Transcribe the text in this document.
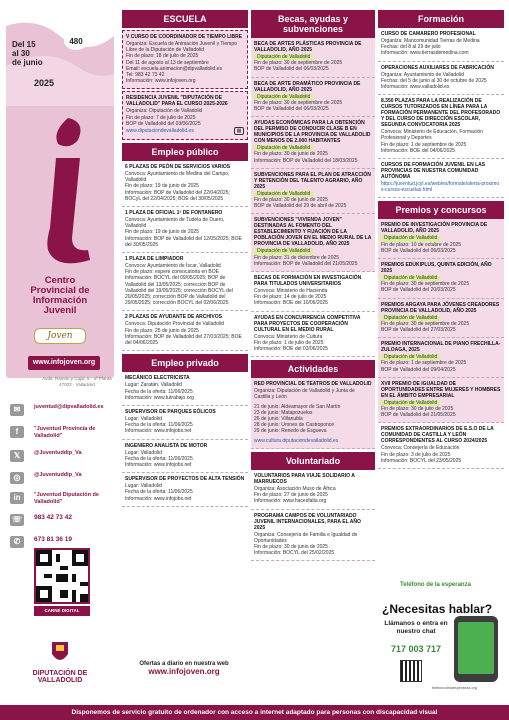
480
Del 15
al 30
de junio
2025
Centro
Provincial de
Información
Juvenil
Joven
www.infojoven.org
Avda. Ramón y Cajal, 5 · 3ª Planta 47003 · Valladolid
✉	juventud@dipvalladolid.es
f	"Juventud Provincia de Valladolid"
𝕏	@Juventuddip_Va
◎	@Juventuddip_Va
in	"Juventud Diputación de Valladolid"
☏	983 42 73 42
✆	673 81 36 19
CARNÉ DIGITAL
DIPUTACIÓN DE VALLADOLID
ESCUELA
V CURSO DE COORDINADOR DE TIEMPO LIBRE

Organiza: Escuela de Animación Juvenil y Tiempo Libre de la Diputación de Valladolid

Fin de plazo: 18 de julio de 2025

Del 11 de agosto al 13 de septiembre

Email: escuela.animacion@dipvalladolid.es

Tel: 983 42 73 42

Información: www.infojoven.org

RESIDENCIA JUVENIL "DIPUTACIÓN DE VALLADOLID" PARA EL CURSO 2025-2026

Organiza: Diputación de Valladolid

Fin de plazo: 7 de julio de 2025

BOP de Valladolid del 03/06/2025

www.diputaciondevalladolid.es	▦
Empleo público
6 PLAZAS DE PEÓN DE SERVICIOS VARIOS

Convoca: Ayuntamiento de Medina del Campo, Valladolid

Fin de plazo: 19 de junio de 2025

Información: BOP de Valladolid del 22/04/2025; BOCyL del 22/04/2025; BOE del 30/05/2025

1 PLAZA DE OFICIAL 1ª DE FONTANERO

Convoca: Ayuntamiento de Tudela de Duero, Valladolid

Fin de plazo: 19 de junio de 2025

Información: BOP de Valladolid del 12/05/2025; BOE del 30/05/2025

1 PLAZA DE LIMPIADOR

Convoca: Ayuntamiento de Íscar, Valladolid

Fin de plazo: espere convocatoria en BOE

Información: BOCYL del 09/05/2025; BOP de Valladolid del 13/05/2025; corrección BOP de Valladolid del 19/05/2025; corrección BOCYL del 20/05/2025; corrección BOP de Valladolid del 29/05/2025; corrección BOCYL del 02/06/2025

2 PLAZAS DE AYUDANTE DE ARCHIVOS

Convoca: Diputación Provincial de Valladolid

Fin de plazo: 25 de junio de 2025

Información: BOP de Valladolid del 27/03/2025; BOE del 04/06/2025

Empleo privado
MECÁNICO ELECTRICISTA

Lugar: Zaratán, Valladolid

Fecha de la oferta: 11/06/2025

Información: www.tutrabajo.org

SUPERVISOR DE PARQUES EÓLICOS

Lugar: Valladolid

Fecha de la oferta: 11/06/2025

Información: www.infojobs.net

INGENIERO ANALISTA DE MOTOR

Lugar: Valladolid

Fecha de la oferta: 11/06/2025

Información: www.infojobs.net

SUPERVISOR DE PROYECTOS DE ALTA TENSIÓN

Lugar: Valladolid

Fecha de la oferta: 11/06/2025

Información: www.infojobs.net

Ofertas a diario en nuestra web
www.infojoven.org
Becas, ayudas y subvenciones
BECA DE ARTES PLÁSTICAS PROVINCIA DE VALLADOLID, AÑO 2025

Diputación de Valladolid

Fin de plazo: 30 de septiembre de 2025

BOP de Valladolid del 06/03/2025

BECA DE ARTE DRAMÁTICO PROVINCIA DE VALLADOLID, AÑO 2025

Diputación de Valladolid

Fin de plazo: 30 de septiembre de 2025

BOP de Valladolid del 06/03/2025

AYUDAS ECONÓMICAS PARA LA OBTENCIÓN DEL PERMISO DE CONDUCIR CLASE B EN MUNICIPIOS DE LA PROVINCIA DE VALLADOLID CON MENOS DE 2.000 HABITANTES

Diputación de Valladolid

Fin de plazo: 30 de junio de 2025

Información: BOP de Valladolid del 18/03/2025

SUBVENCIONES PARA EL PLAN DE ATRACCIÓN Y RETENCIÓN DEL TALENTO AGRARIO, AÑO 2025

Diputación de Valladolid

Fin de plazo: 30 de junio de 2025

BOP de Valladolid del 29 de abril de 2025

SUBVENCIONES "VIVIENDA JOVEN" DESTINADAS AL FOMENTO DEL ESTABLECIMIENTO Y FIJACIÓN DE LA POBLACIÓN JOVEN EN EL MEDIO RURAL DE LA PROVINCIA DE VALLADOLID, AÑO 2025

Diputación de Valladolid

Fin de plazo: 31 de diciembre de 2025

Información: BOP de Valladolid del 21/05/2025

BECAS DE FORMACIÓN EN INVESTIGACIÓN PARA TITULADOS UNIVERSITARIOS

Convoca: Ministerio de Hacienda

Fin de plazo: 14 de julio de 2025

Información: BOE del 10/06/2025

AYUDAS EN CONCURRENCIA COMPETITIVA PARA PROYECTOS DE COOPERACIÓN CULTURAL EN EL MEDIO RURAL

Convoca: Ministerio de Cultura

Fin de plazo: 1 de julio de 2025

Información: BOE del 03/06/2025

Actividades
RED PROVINCIAL DE TEATROS DE VALLADOLID

Organiza: Diputación de Valladolid y Junta de Castilla y León

21 de junio: Aldeamayor de San Martín

23 de junio: Matapozuelos

26 de junio: Villanubla

28 de junio: Urones de Castroponce

29 de junio: Renedo de Esgueva

www.cultura.diputaciondevalladolid.es

Voluntariado
VOLUNTARIOS PARA VIAJE SOLIDARIO A MARRUECOS

Organiza: Asociación Muso de África

Fin de plazo: 27 de junio de 2025

Información: www.hacesfalta.org

PROGRAMA CAMPOS DE VOLUNTARIADO JUVENIL INTERNACIONALES, PARA EL AÑO 2025

Organiza: Consejería de Familia e Igualdad de Oportunidades

Fin de plazo: 30 de junio de 2025

Información: BOCYL del 25/02/2025

Formación
CURSO DE CAMARERO PROFESIONAL

Organiza: Mancomunidad Tierras de Medina

Fechas: del 8 al 29 de julio

Información: www.tierrasdemedina.com

OPERACIONES AUXILIARES DE FABRICACIÓN

Organiza: Ayuntamiento de Valladolid

Fechas: del 5 de junio al 30 de octubre de 2025

Información: www.valladolid.es

8.350 PLAZAS PARA LA REALIZACIÓN DE CURSOS TUTORIZADOS EN LÍNEA PARA LA FORMACIÓN PERMANENTE DEL PROFESORADO Y DEL CURSO DE DIRECCIÓN ESCOLAR, SEGUNDA CONVOCATORIA 2025

Convoca: Ministerio de Educación, Formación Profesional y Deportes

Fin de plazo: 1 de septiembre de 2025

Información: BOE del 04/06/2025

CURSOS DE FORMACIÓN JUVENIL EN LAS PROVINCIAS DE NUESTRA COMUNIDAD AUTÓNOMA

https://juventud.jcyl.es/web/es/formate/alerta-proximos-cursos-escuelas.html

Premios y concursos
PREMIO DE INVESTIGACIÓN PROVINCIA DE VALLADOLID, AÑO 2025

Diputación de Valladolid

Fin de plazo: 10 de octubre de 2025

BOP de Valladolid del 06/03/2025

PREMIOS EDUKIPLUS, QUINTA EDICIÓN, AÑO 2025

Diputación de Valladolid

Fin de plazo: 30 de septiembre de 2025

BOP de Valladolid del 20/03/2025

PREMIOS ARGAYA PARA JÓVENES CREADORES PROVINCIA DE VALLADOLID, AÑO 2025

Diputación de Valladolid

Fin de plazo: 30 de septiembre de 2025

BOP de Valladolid del 27/03/2025

PREMIO INTERNACIONAL DE PIANO FRECHILLA-ZULOAGA, 2025

Diputación de Valladolid

Fin de plazo: 1 de septiembre de 2025

BOP de Valladolid del 09/04/2025

XVII PREMIO DE IGUALDAD DE OPORTUNIDADES ENTRE MUJERES Y HOMBRES EN EL ÁMBITO EMPRESARIAL

Diputación de Valladolid

Fin de plazo: 30 de julio de 2025

BOP de Valladolid del 21/05/2025

PREMIOS EXTRAORDINARIOS DE E.S.O DE LA COMUNIDAD DE CASTILLA Y LEÓN CORRESPONDIENTES AL CURSO 2024/2025

Convoca: Consejería de Educación

Fin de plazo: 3 de julio de 2025

Información: BOCYL del 23/05/2025

Teléfono de la esperanza
¿Necesitas hablar?
Llámanos o entra en nuestro chat
717 003 717
telefonodelaesperanza.org
Disponemos de servicio gratuito de ordenador con acceso a internet adaptado para personas con discapacidad visual
